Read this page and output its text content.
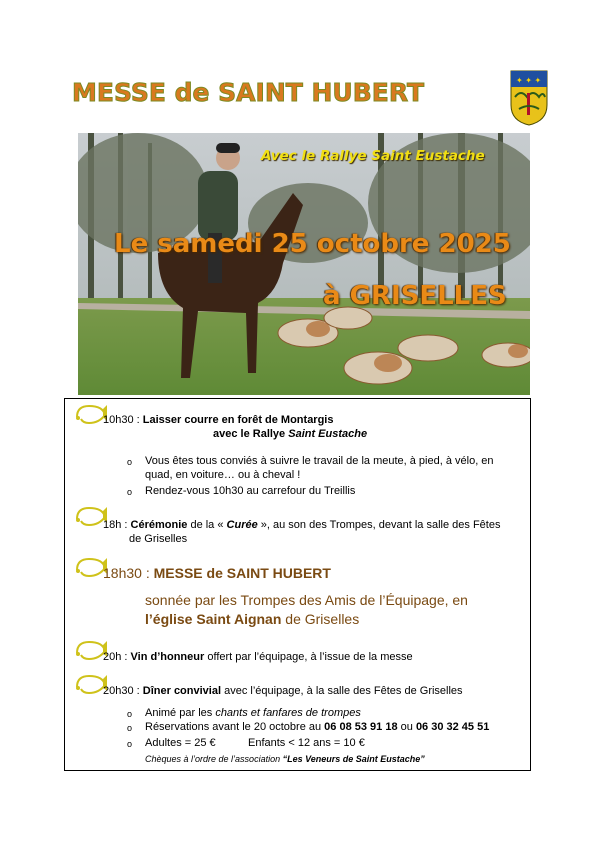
MESSE de SAINT HUBERT	✦ ✦ ✦
Avec le Rallye Saint Eustache
Le samedi 25 octobre 2025
à GRISELLES
10h30 : Laisser courre en forêt de Montargis
avec le Rallye Saint Eustache
o Vous êtes tous conviés à suivre le travail de la meute, à pied, à vélo, en
quad, en voiture… ou à cheval !
o Rendez-vous 10h30 au carrefour du Treillis
18h : Cérémonie de la « Curée », au son des Trompes, devant la salle des Fêtes
de Griselles
18h30 : MESSE de SAINT HUBERT
sonnée par les Trompes des Amis de l’Équipage, en
l’église Saint Aignan de Griselles
20h : Vin d’honneur offert par l’équipage, à l’issue de la messe
20h30 : Dîner convivial avec l’équipage, à la salle des Fêtes de Griselles
o Animé par les chants et fanfares de trompes
o Réservations avant le 20 octobre au 06 08 53 91 18 ou 06 30 32 45 51
o Adultes = 25 €	Enfants < 12 ans = 10 €
Chèques à l’ordre de l’association “Les Veneurs de Saint Eustache”
